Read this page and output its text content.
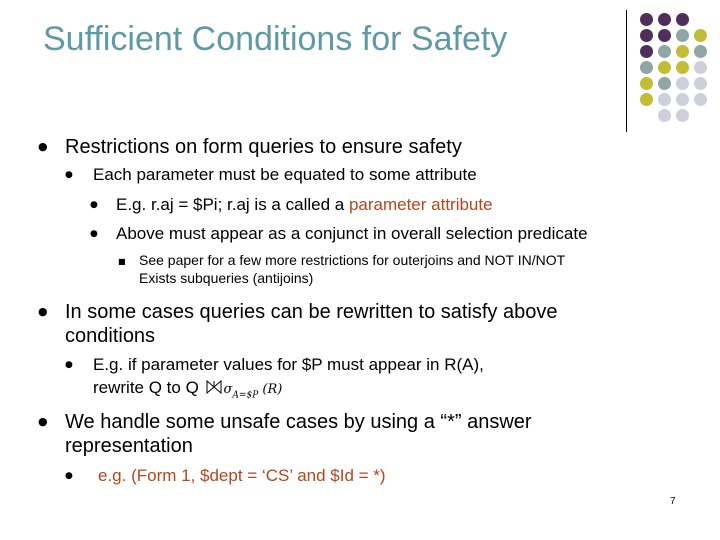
Sufficient Conditions for Safety
● Restrictions on form queries to ensure safety
● Each parameter must be equated to some attribute
● E.g. r.aj = $Pi; r.aj is a called a parameter attribute
● Above must appear as a conjunct in overall selection predicate
■ See paper for a few more restrictions for outerjoins and NOT IN/NOT
Exists subqueries (antijoins)
● In some cases queries can be rewritten to satisfy above
conditions
● E.g. if parameter values for $P must appear in R(A),
rewrite Q to Q $\sigma_{A=\$P}$ (R)
● We handle some unsafe cases by using a “*” answer
representation
● e.g. (Form 1, $dept = ‘CS’ and $Id = *)
7
